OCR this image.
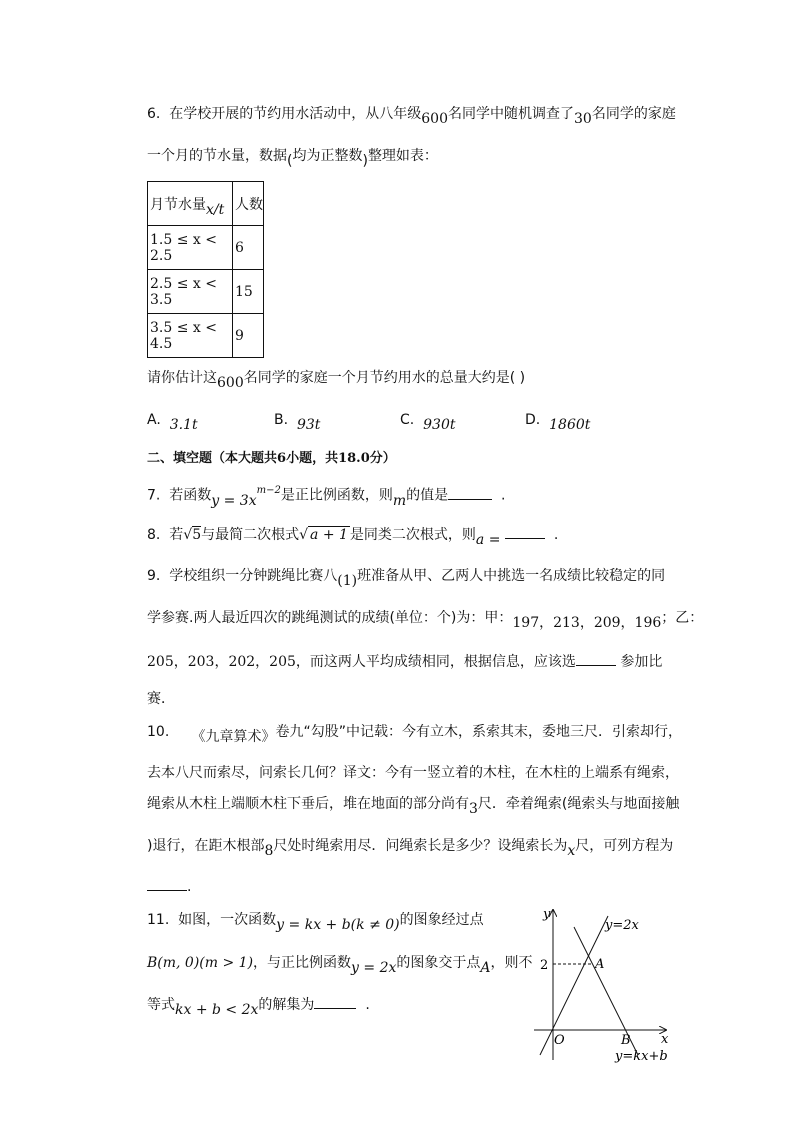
6. 在学校开展的节约用水活动中，从八年级600名同学中随机调查了30名同学的家庭
一个月的节水量，数据(均为正整数)整理如表：
月节水量x/t	人数
1.5 ≤ x < 2.5	6
2.5 ≤ x < 3.5	15
3.5 ≤ x < 4.5	9
请你估计这600名同学的家庭一个月节约用水的总量大约是( )
A. 3.1t	B. 93t	C. 930t	D. 1860t
二、填空题（本大题共6小题，共18.0分）
7. 若函数$y = 3x^{m-2}$是正比例函数，则m的值是	.
8. 若√5与最简二次根式√ a + 1 是同类二次根式，则a =	.
9. 学校组织一分钟跳绳比赛八(1)班准备从甲、乙两人中挑选一名成绩比较稳定的同
学参赛.两人最近四次的跳绳测试的成绩(单位：个)为：甲：197，213，209，196；乙：
205，203，202，205，而这两人平均成绩相同，根据信息，应该选	参加比
赛．
10. 《九章算术》卷九“勾股”中记载：今有立木，系索其末，委地三尺．引索却行，
去本八尺而索尽，问索长几何？译文：今有一竖立着的木柱，在木柱的上端系有绳索，
绳索从木柱上端顺木柱下垂后，堆在地面的部分尚有3尺．牵着绳索(绳索头与地面接触
)退行，在距木根部8尺处时绳索用尽．问绳索长是多少？设绳索长为x尺，可列方程为
.
11. 如图，一次函数y = kx + b(k ≠ 0)的图象经过点
B(m, 0)(m > 1)，与正比例函数y = 2x的图象交于点A，则不
等式kx + b < 2x的解集为	.
y
x
O
y=2x
y=kx+b
A
B
2
